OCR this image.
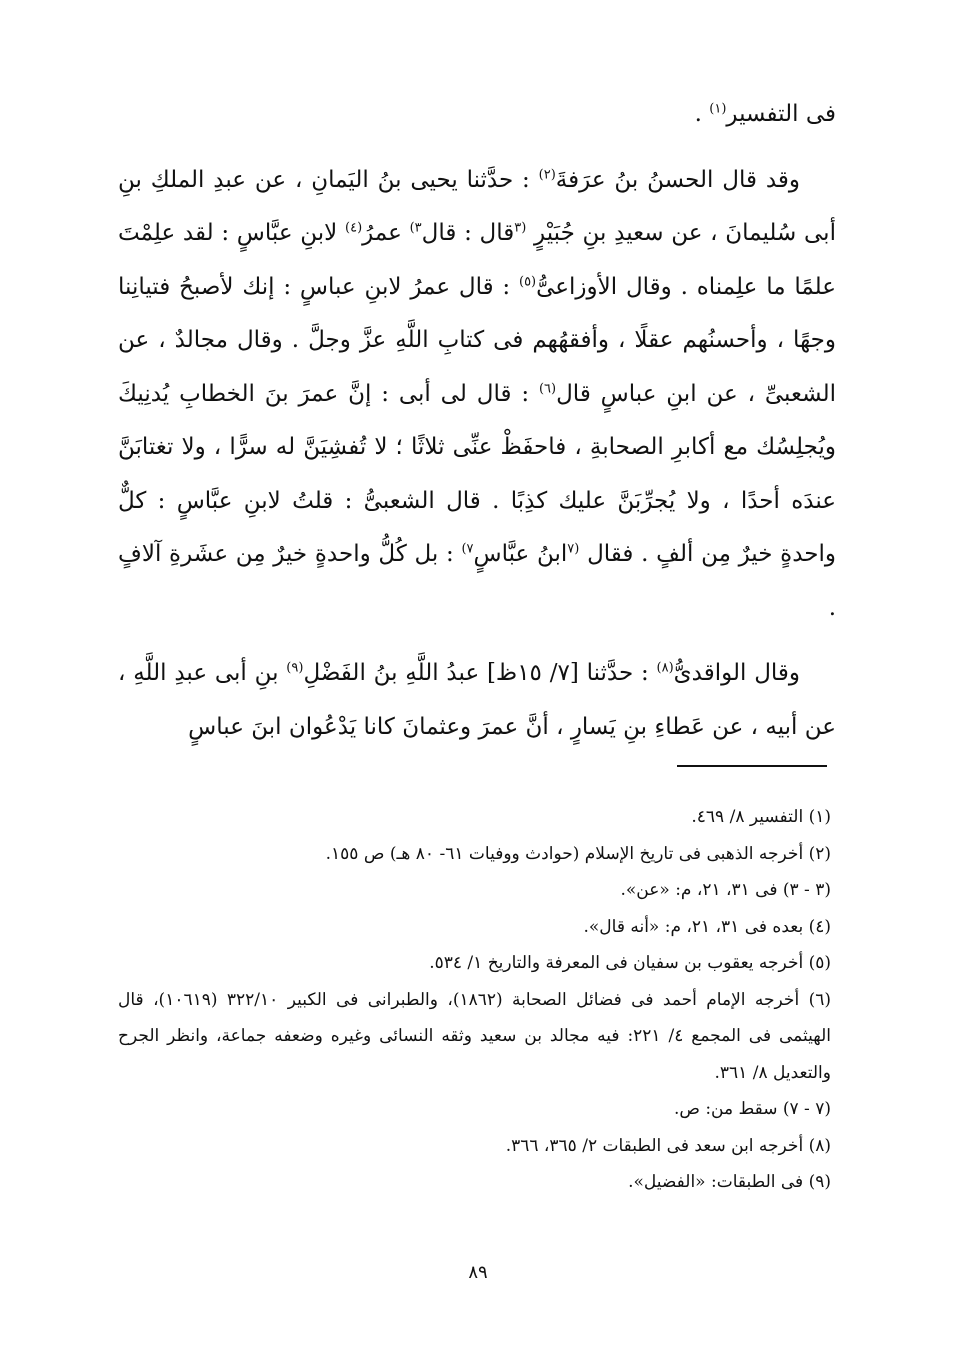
فى التفسير$^{(١)}$ .

وقد قال الحسنُ بنُ عرَفةَ$^{(٢)}$ : حدَّثنا يحيى بنُ اليَمانِ ، عن عبدِ الملكِ بنِ أبى سُليمانَ ، عن سعيدِ بنِ جُبَيْرٍ $^{(٣}$قال : قال$^{٣)}$ عمرُ$^{(٤)}$ لابنِ عبَّاسٍ : لقد علِمْتَ علمًا ما علِمناه . وقال الأوزاعىُّ$^{(٥)}$ : قال عمرُ لابنِ عباسٍ : إنك لأصبحُ فتيانِنا وجهًا ، وأحسنُهم عقلًا ، وأفقهُهم فى كتابِ اللَّهِ عزَّ وجلَّ . وقال مجالدٌ ، عن الشعبىِّ ، عن ابنِ عباسٍ قال$^{(٦)}$ : قال لى أبى : إنَّ عمرَ بنَ الخطابِ يُدنِيكَ ويُجلِسُك مع أكابرِ الصحابةِ ، فاحفَظْ عنِّى ثلاثًا ؛ لا تُفشِيَنَّ له سرًّا ، ولا تغتابَنَّ عندَه أحدًا ، ولا يُجرِّبَنَّ عليك كذِبًا . قال الشعبىُّ : قلتُ لابنِ عبَّاسٍ : كلٌّ واحدةٍ خيرٌ مِن ألفٍ . فقال $^{(٧}$ابنُ عبَّاسٍ$^{٧)}$ : بل كُلُّ واحدةٍ خيرٌ مِن عشَرةِ آلافٍ .

وقال الواقدىُّ$^{(٨)}$ : حدَّثنا [٧/ ١٥ظ] عبدُ اللَّهِ بنُ الفَضْلِ$^{(٩)}$ بنِ أبى عبدِ اللَّهِ ، عن أبيه ، عن عَطاءِ بنِ يَسارٍ ، أنَّ عمرَ وعثمانَ كانا يَدْعُوان ابنَ عباسٍ

(١) التفسير ٨/ ٤٦٩.

(٢) أخرجه الذهبى فى تاريخ الإسلام (حوادث ووفيات ٦١- ٨٠ هـ) ص ١٥٥.

(٣ - ٣) فى ٣١، ٢١، م: «عن».

(٤) بعده فى ٣١، ٢١، م: «أنه قال».

(٥) أخرجه يعقوب بن سفيان فى المعرفة والتاريخ ١/ ٥٣٤.

(٦) أخرجه الإمام أحمد فى فضائل الصحابة (١٨٦٢)، والطبرانى فى الكبير ٣٢٢/١٠ (١٠٦١٩)، قال الهيثمى فى المجمع ٤/ ٢٢١: فيه مجالد بن سعيد وثقه النسائى وغيره وضعفه جماعة، وانظر الجرح والتعديل ٨/ ٣٦١.

(٧ - ٧) سقط من: ص.

(٨) أخرجه ابن سعد فى الطبقات ٢/ ٣٦٥، ٣٦٦.

(٩) فى الطبقات: «الفضيل».

٨٩
